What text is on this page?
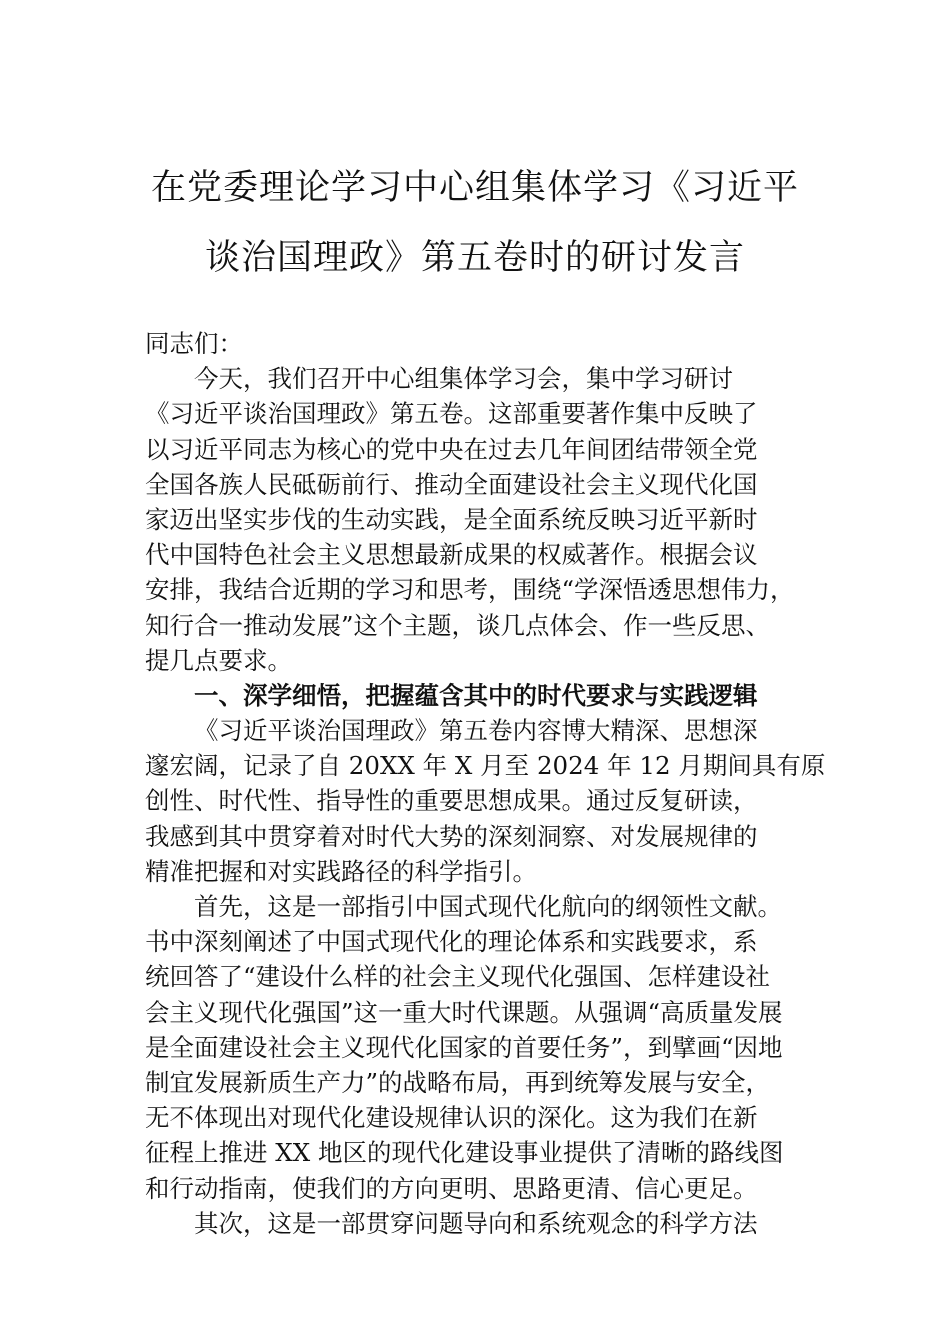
在党委理论学习中心组集体学习《习近平
谈治国理政》第五卷时的研讨发言
同志们：
今天，我们召开中心组集体学习会，集中学习研讨
《习近平谈治国理政》第五卷。这部重要著作集中反映了
以习近平同志为核心的党中央在过去几年间团结带领全党
全国各族人民砥砺前行、推动全面建设社会主义现代化国
家迈出坚实步伐的生动实践，是全面系统反映习近平新时
代中国特色社会主义思想最新成果的权威著作。根据会议
安排，我结合近期的学习和思考，围绕“学深悟透思想伟力，
知行合一推动发展”这个主题，谈几点体会、作一些反思、
提几点要求。
一、深学细悟，把握蕴含其中的时代要求与实践逻辑
《习近平谈治国理政》第五卷内容博大精深、思想深
邃宏阔，记录了自 20XX 年 X 月至 2024 年 12 月期间具有原
创性、时代性、指导性的重要思想成果。通过反复研读，
我感到其中贯穿着对时代大势的深刻洞察、对发展规律的
精准把握和对实践路径的科学指引。
首先，这是一部指引中国式现代化航向的纲领性文献。
书中深刻阐述了中国式现代化的理论体系和实践要求，系
统回答了“建设什么样的社会主义现代化强国、怎样建设社
会主义现代化强国”这一重大时代课题。从强调“高质量发展
是全面建设社会主义现代化国家的首要任务”，到擘画“因地
制宜发展新质生产力”的战略布局，再到统筹发展与安全，
无不体现出对现代化建设规律认识的深化。这为我们在新
征程上推进 XX 地区的现代化建设事业提供了清晰的路线图
和行动指南，使我们的方向更明、思路更清、信心更足。
其次，这是一部贯穿问题导向和系统观念的科学方法
